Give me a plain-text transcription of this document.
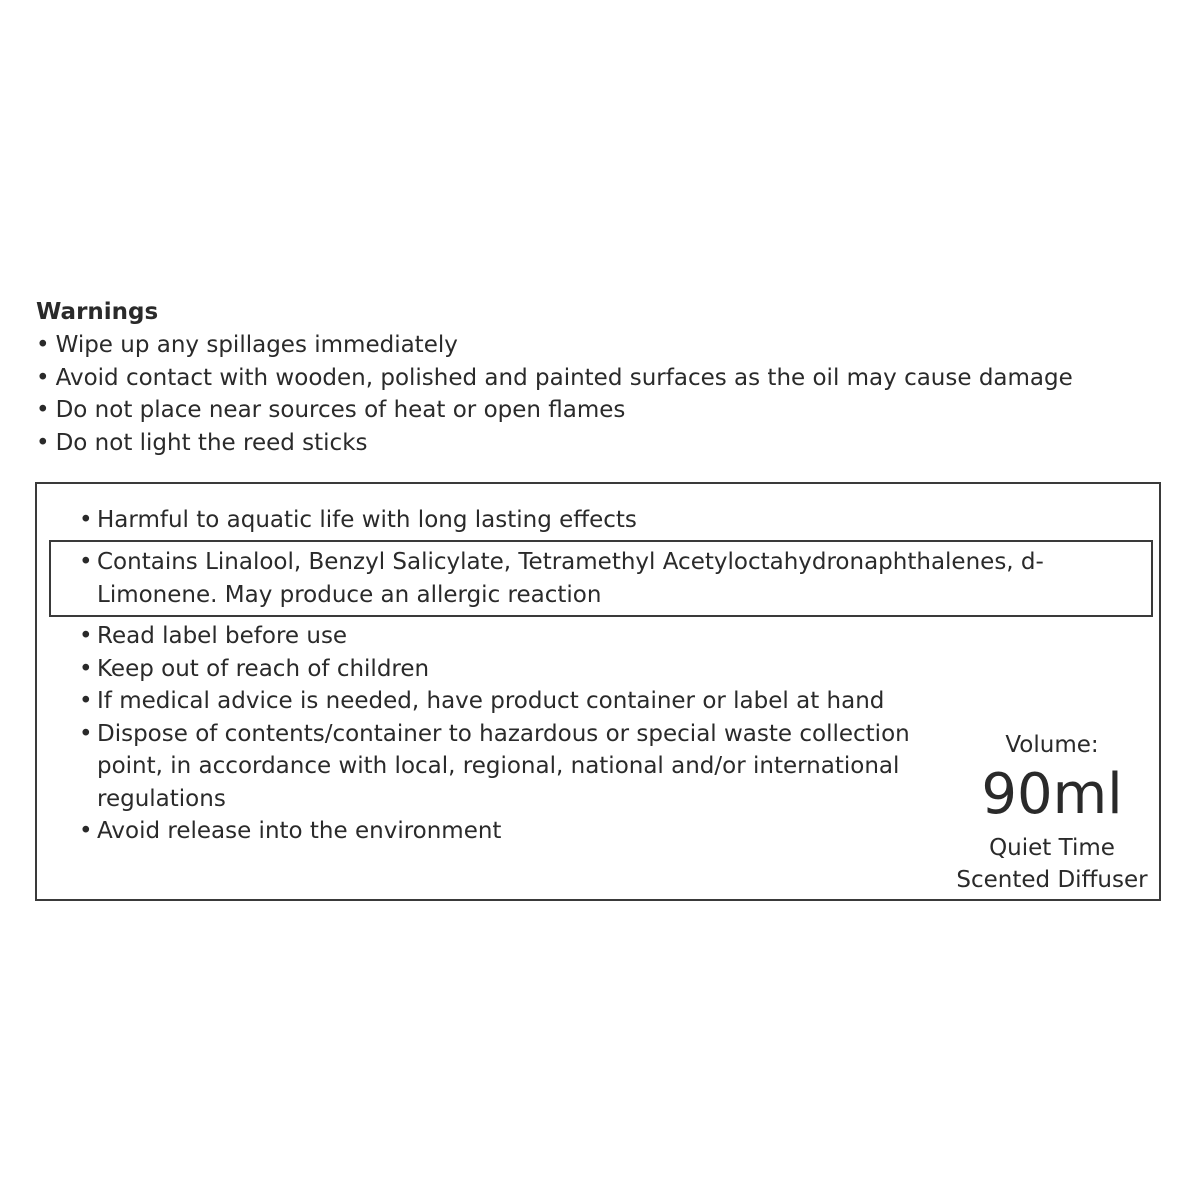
Warnings
• Wipe up any spillages immediately
• Avoid contact with wooden, polished and painted surfaces as the oil may cause damage
• Do not place near sources of heat or open flames
• Do not light the reed sticks
• Harmful to aquatic life with long lasting effects
• Contains Linalool, Benzyl Salicylate, Tetramethyl Acetyloctahydronaphthalenes, d-Limonene. May produce an allergic reaction
• Read label before use
• Keep out of reach of children
• If medical advice is needed, have product container or label at hand
• Dispose of contents/container to hazardous or special waste collection point, in accordance with local, regional, national and/or international regulations
• Avoid release into the environment
Volume:
90ml
Quiet Time
Scented Diffuser
